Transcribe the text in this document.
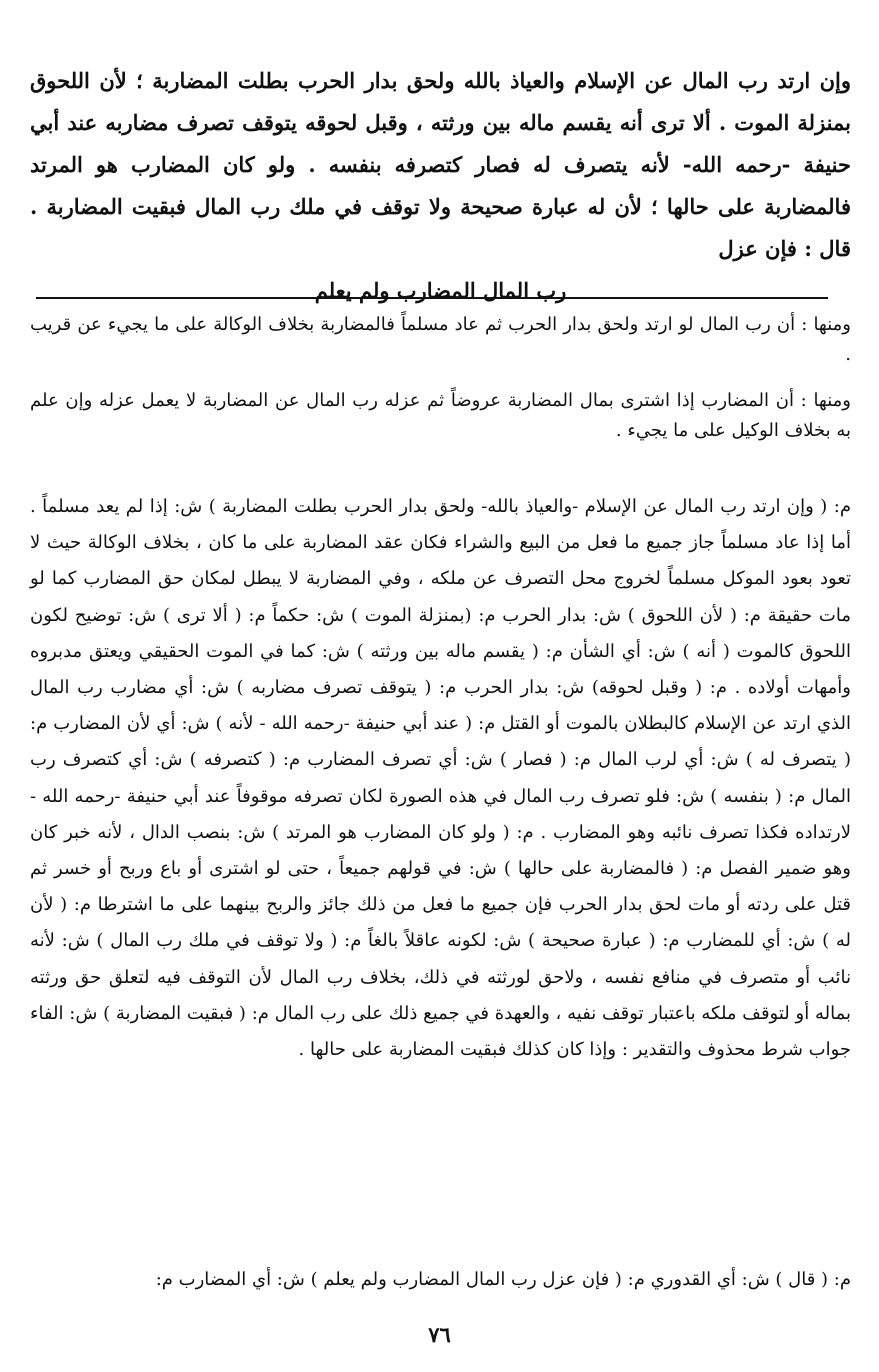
وإن ارتد رب المال عن الإسلام والعياذ بالله ولحق بدار الحرب بطلت المضاربة ؛ لأن اللحوق بمنزلة الموت . ألا ترى أنه يقسم ماله بين ورثته ، وقبل لحوقه يتوقف تصرف مضاربه عند أبي حنيفة -رحمه الله- لأنه يتصرف له فصار كتصرفه بنفسه . ولو كان المضارب هو المرتد فالمضاربة على حالها ؛ لأن له عبارة صحيحة ولا توقف في ملك رب المال فبقيت المضاربة . قال : فإن عزل
رب المال المضارب ولم يعلم

ومنها : أن رب المال لو ارتد ولحق بدار الحرب ثم عاد مسلماً فالمضاربة بخلاف الوكالة على ما يجيء عن قريب .

ومنها : أن المضارب إذا اشترى بمال المضاربة عروضاً ثم عزله رب المال عن المضاربة لا يعمل عزله وإن علم به بخلاف الوكيل على ما يجيء .

م: ( وإن ارتد رب المال عن الإسلام -والعياذ بالله- ولحق بدار الحرب بطلت المضاربة ) ش: إذا لم يعد مسلماً . أما إذا عاد مسلماً جاز جميع ما فعل من البيع والشراء فكان عقد المضاربة على ما كان ، بخلاف الوكالة حيث لا تعود بعود الموكل مسلماً لخروج محل التصرف عن ملكه ، وفي المضاربة لا يبطل لمكان حق المضارب كما لو مات حقيقة م: ( لأن اللحوق ) ش: بدار الحرب م: (بمنزلة الموت ) ش: حكماً م: ( ألا ترى ) ش: توضيح لكون اللحوق كالموت ( أنه ) ش: أي الشأن م: ( يقسم ماله بين ورثته ) ش: كما في الموت الحقيقي ويعتق مدبروه وأمهات أولاده . م: ( وقبل لحوقه) ش: بدار الحرب م: ( يتوقف تصرف مضاربه ) ش: أي مضارب رب المال الذي ارتد عن الإسلام كالبطلان بالموت أو القتل م: ( عند أبي حنيفة -رحمه الله - لأنه ) ش: أي لأن المضارب م: ( يتصرف له ) ش: أي لرب المال م: ( فصار ) ش: أي تصرف المضارب م: ( كتصرفه ) ش: أي كتصرف رب المال م: ( بنفسه ) ش: فلو تصرف رب المال في هذه الصورة لكان تصرفه موقوفاً عند أبي حنيفة -رحمه الله - لارتداده فكذا تصرف نائبه وهو المضارب . م: ( ولو كان المضارب هو المرتد ) ش: بنصب الدال ، لأنه خبر كان وهو ضمير الفصل م: ( فالمضاربة على حالها ) ش: في قولهم جميعاً ، حتى لو اشترى أو باع وربح أو خسر ثم قتل على ردته أو مات لحق بدار الحرب فإن جميع ما فعل من ذلك جائز والربح بينهما على ما اشترطا م: ( لأن له ) ش: أي للمضارب م: ( عبارة صحيحة ) ش: لكونه عاقلاً بالغاً م: ( ولا توقف في ملك رب المال ) ش: لأنه نائب أو متصرف في منافع نفسه ، ولاحق لورثته في ذلك، بخلاف رب المال لأن التوقف فيه لتعلق حق ورثته بماله أو لتوقف ملكه باعتبار توقف نفيه ، والعهدة في جميع ذلك على رب المال م: ( فبقيت المضاربة ) ش: الفاء جواب شرط محذوف والتقدير : وإذا كان كذلك فبقيت المضاربة على حالها .

م: ( قال ) ش: أي القدوري م: ( فإن عزل رب المال المضارب ولم يعلم ) ش: أي المضارب م:
٧٦
